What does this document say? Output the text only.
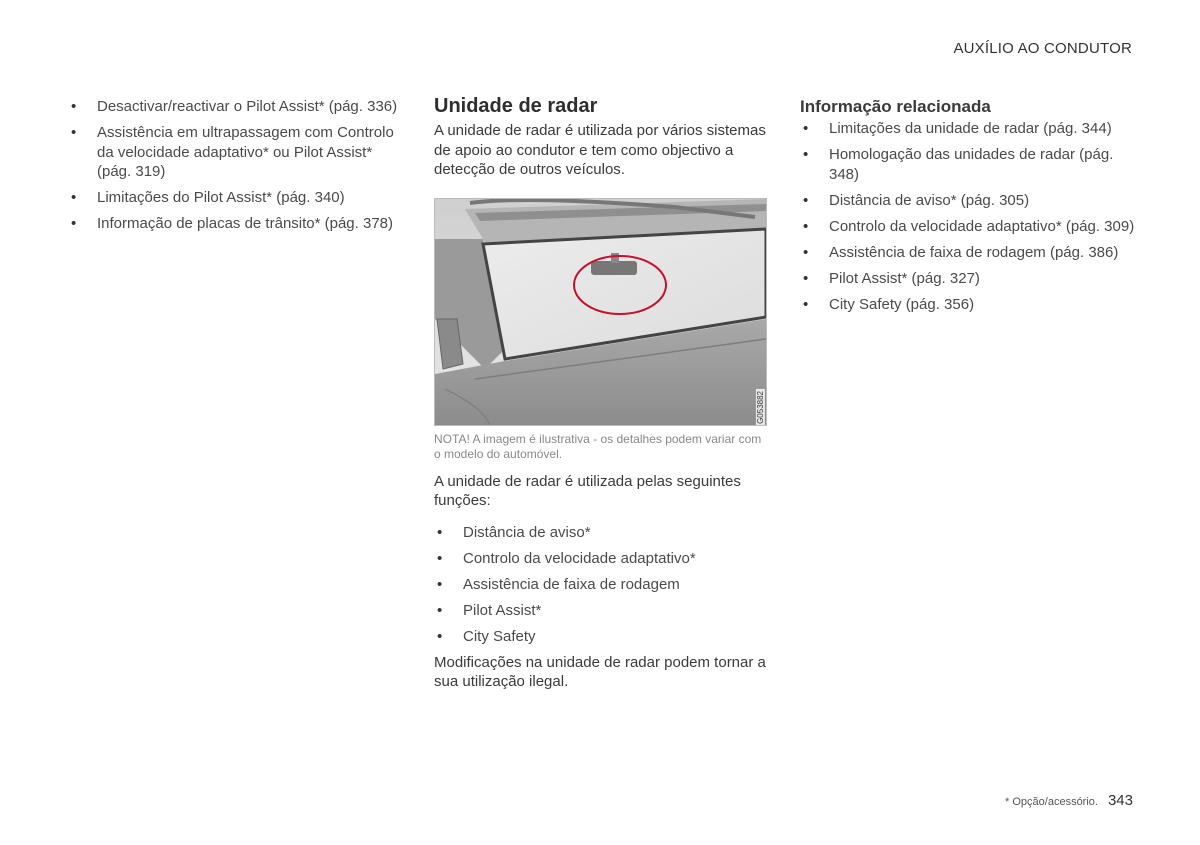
AUXÍLIO AO CONDUTOR
• Desactivar/reactivar o Pilot Assist* (pág. 336)
• Assistência em ultrapassagem com Controlo da velocidade adaptativo* ou Pilot Assist* (pág. 319)
• Limitações do Pilot Assist* (pág. 340)
• Informação de placas de trânsito* (pág. 378)
Unidade de radar

A unidade de radar é utilizada por vários sistemas de apoio ao condutor e tem como objectivo a detecção de outros veículos.

G053882
NOTA! A imagem é ilustrativa - os detalhes podem variar com o modelo do automóvel.

A unidade de radar é utilizada pelas seguintes funções:

• Distância de aviso*
• Controlo da velocidade adaptativo*
• Assistência de faixa de rodagem
• Pilot Assist*
• City Safety

Modificações na unidade de radar podem tornar a sua utilização ilegal.

Informação relacionada
• Limitações da unidade de radar (pág. 344)
• Homologação das unidades de radar (pág. 348)
• Distância de aviso* (pág. 305)
• Controlo da velocidade adaptativo* (pág. 309)
• Assistência de faixa de rodagem (pág. 386)
• Pilot Assist* (pág. 327)
• City Safety (pág. 356)
* Opção/acessório. 343
